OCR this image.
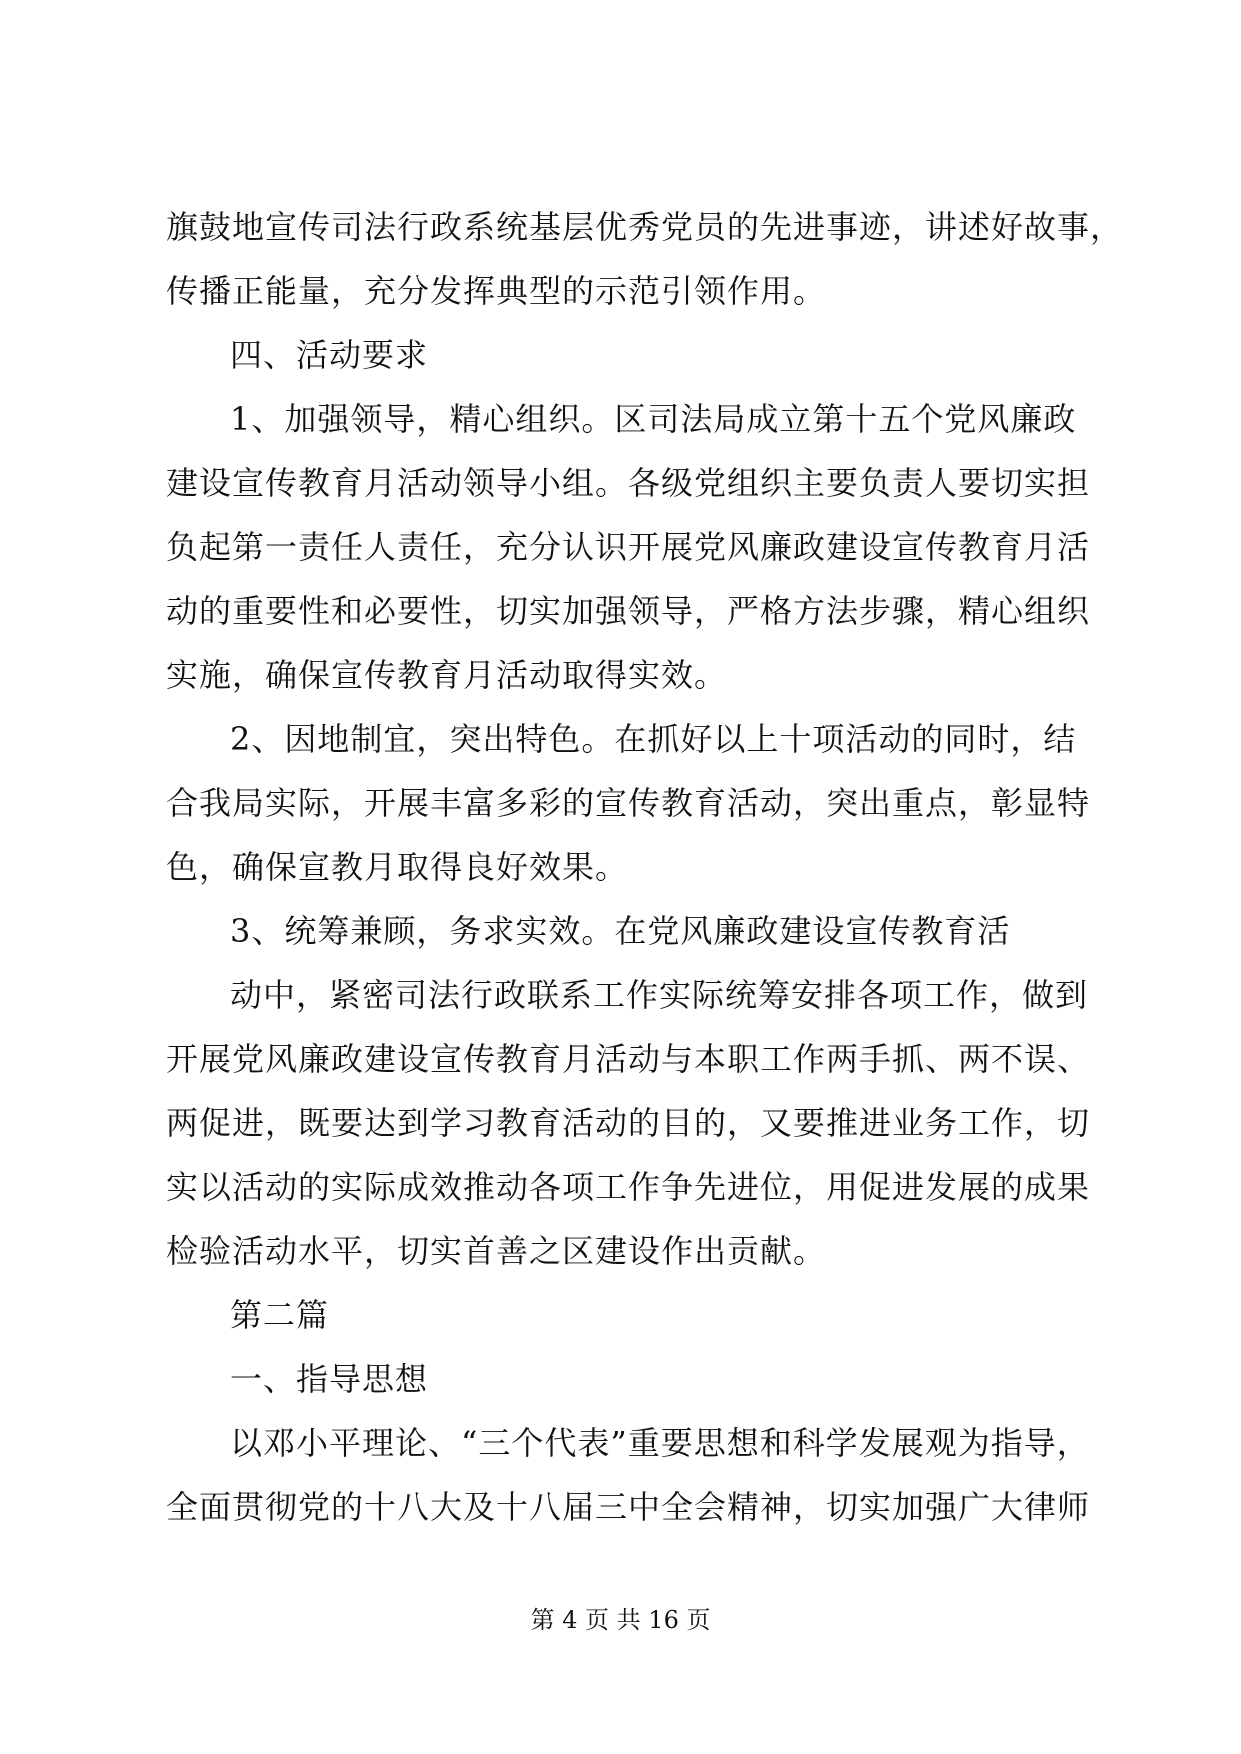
旗鼓地宣传司法行政系统基层优秀党员的先进事迹，讲述好故事，
传播正能量，充分发挥典型的示范引领作用。
四、活动要求
1、加强领导，精心组织。区司法局成立第十五个党风廉政
建设宣传教育月活动领导小组。各级党组织主要负责人要切实担
负起第一责任人责任，充分认识开展党风廉政建设宣传教育月活
动的重要性和必要性，切实加强领导，严格方法步骤，精心组织
实施，确保宣传教育月活动取得实效。
2、因地制宜，突出特色。在抓好以上十项活动的同时，结
合我局实际，开展丰富多彩的宣传教育活动，突出重点，彰显特
色，确保宣教月取得良好效果。
3、统筹兼顾，务求实效。在党风廉政建设宣传教育活
动中，紧密司法行政联系工作实际统筹安排各项工作，做到
开展党风廉政建设宣传教育月活动与本职工作两手抓、两不误、
两促进，既要达到学习教育活动的目的，又要推进业务工作，切
实以活动的实际成效推动各项工作争先进位，用促进发展的成果
检验活动水平，切实首善之区建设作出贡献。
第二篇
一、指导思想
以邓小平理论、“三个代表”重要思想和科学发展观为指导，
全面贯彻党的十八大及十八届三中全会精神，切实加强广大律师
第 4 页 共 16 页
